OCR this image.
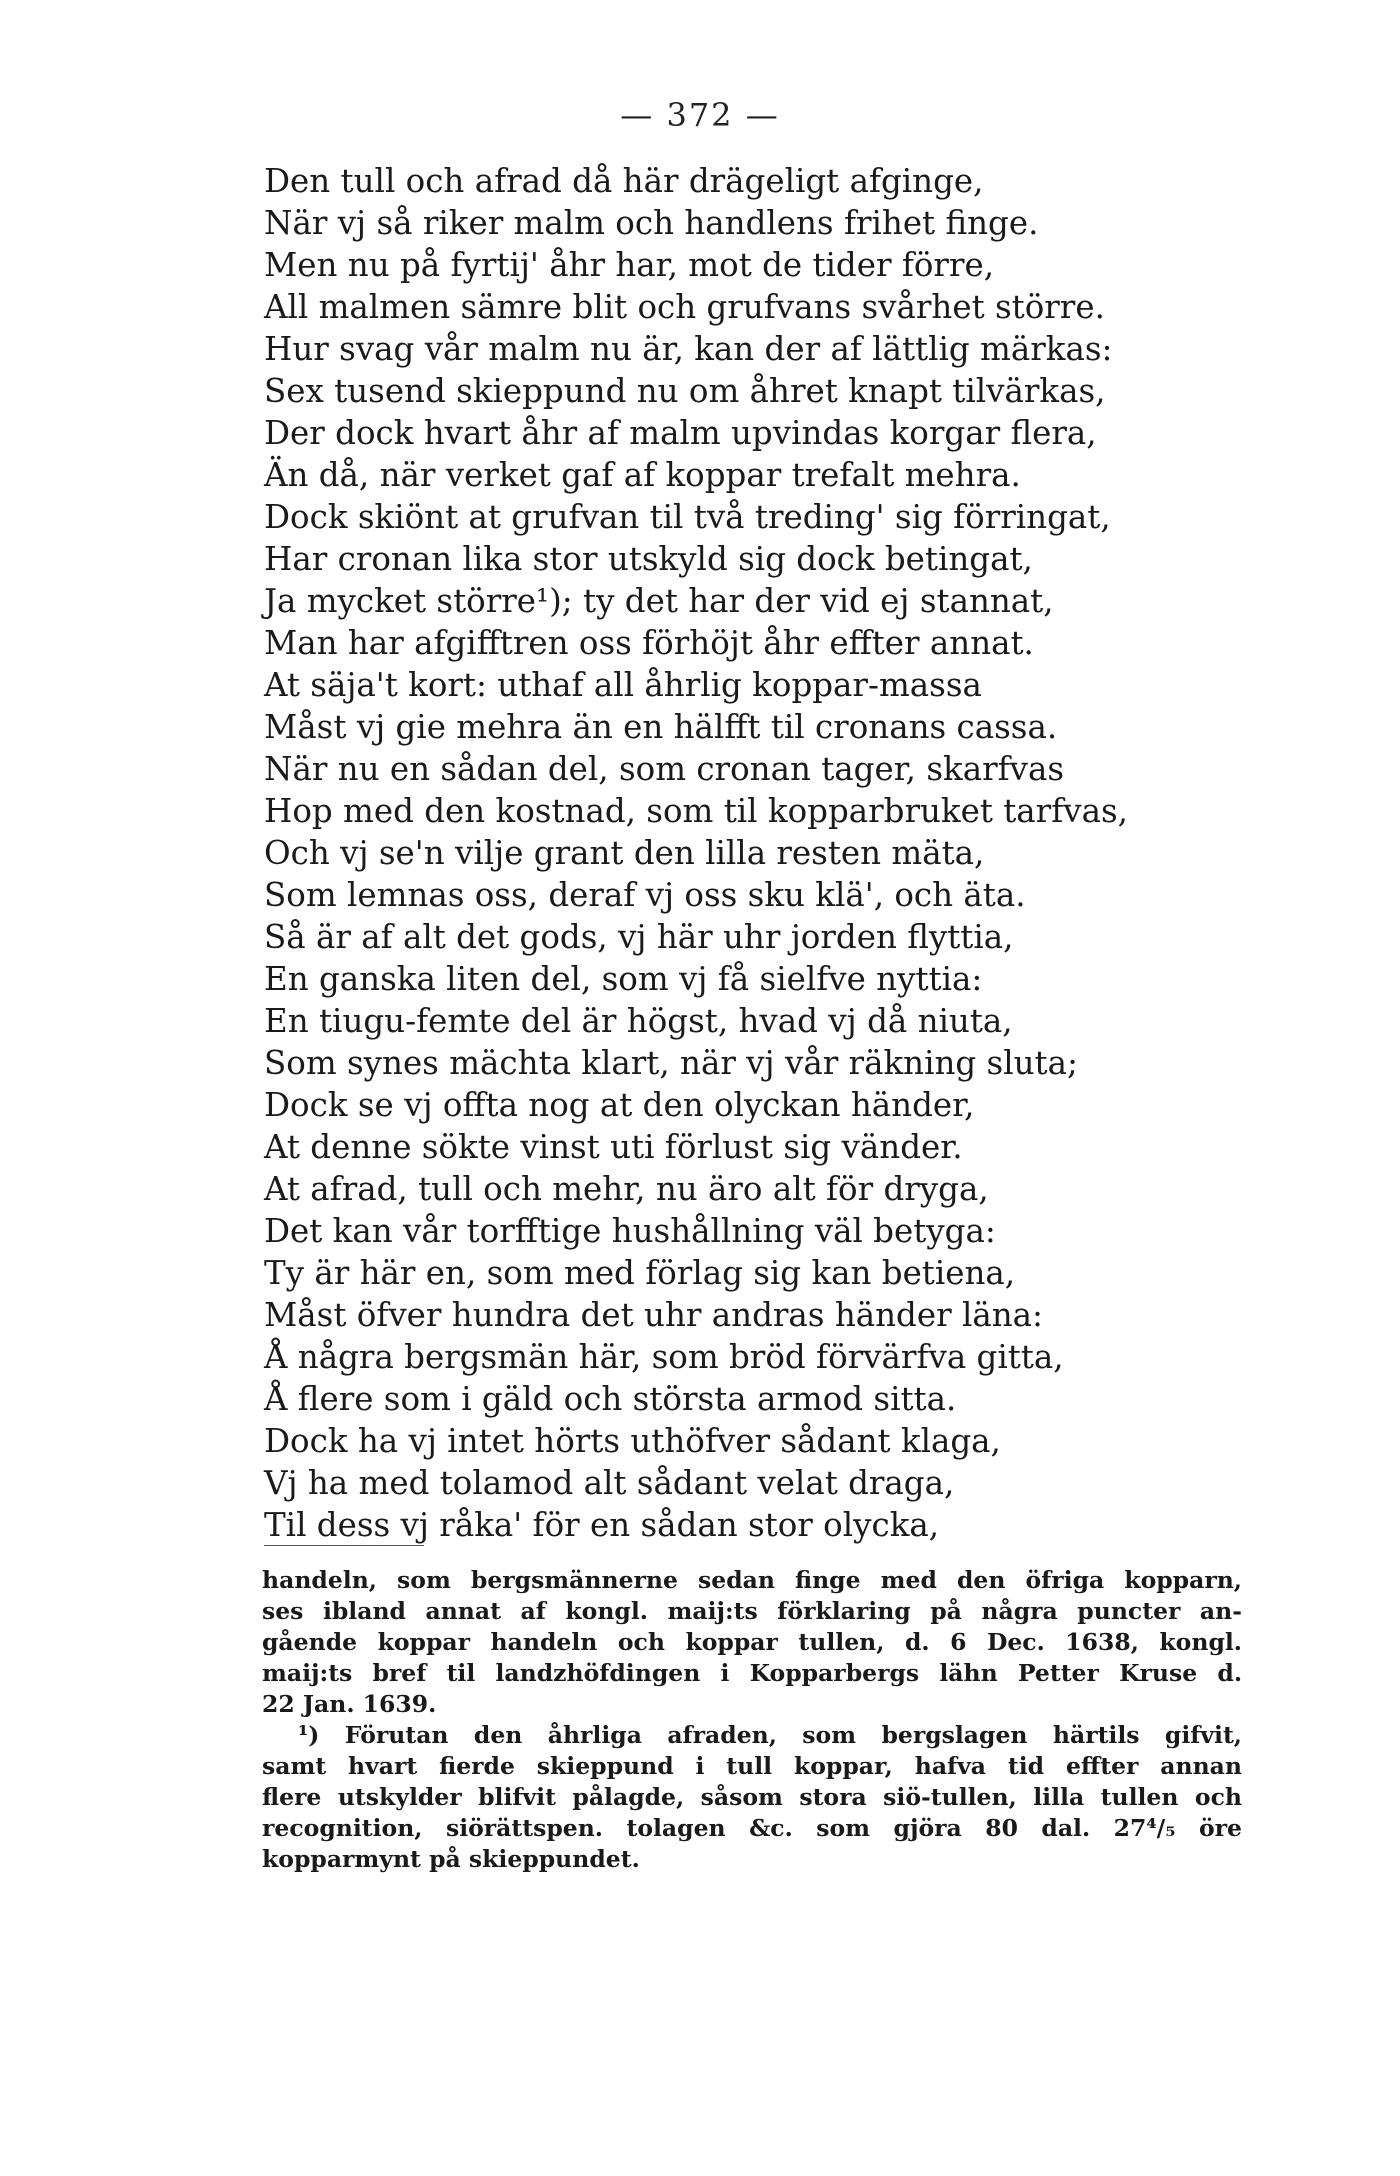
— 372 —
Den tull och afrad då här drägeligt afginge,
När vj så riker malm och handlens frihet finge.
Men nu på fyrtij' åhr har, mot de tider förre,
All malmen sämre blit och grufvans svårhet större.
Hur svag vår malm nu är, kan der af lättlig märkas:
Sex tusend skieppund nu om åhret knapt tilvärkas,
Der dock hvart åhr af malm upvindas korgar flera,
Än då, när verket gaf af koppar trefalt mehra.
Dock skiönt at grufvan til två treding' sig förringat,
Har cronan lika stor utskyld sig dock betingat,
Ja mycket större¹); ty det har der vid ej stannat,
Man har afgifftren oss förhöjt åhr effter annat.
At säja't kort: uthaf all åhrlig koppar-massa
Måst vj gie mehra än en hälfft til cronans cassa.
När nu en sådan del, som cronan tager, skarfvas
Hop med den kostnad, som til kopparbruket tarfvas,
Och vj se'n vilje grant den lilla resten mäta,
Som lemnas oss, deraf vj oss sku klä', och äta.
Så är af alt det gods, vj här uhr jorden flyttia,
En ganska liten del, som vj få sielfve nyttia:
En tiugu-femte del är högst, hvad vj då niuta,
Som synes mächta klart, när vj vår räkning sluta;
Dock se vj offta nog at den olyckan händer,
At denne sökte vinst uti förlust sig vänder.
At afrad, tull och mehr, nu äro alt för dryga,
Det kan vår torfftige hushållning väl betyga:
Ty är här en, som med förlag sig kan betiena,
Måst öfver hundra det uhr andras händer läna:
Å några bergsmän här, som bröd förvärfva gitta,
Å flere som i gäld och största armod sitta.
Dock ha vj intet hörts uthöfver sådant klaga,
Vj ha med tolamod alt sådant velat draga,
Til dess vj råka' för en sådan stor olycka,
handeln, som bergsmännerne sedan finge med den öfriga kopparn,
ses ibland annat af kongl. maij:ts förklaring på några puncter an-
gående koppar handeln och koppar tullen, d. 6 Dec. 1638, kongl.
maij:ts bref til landzhöfdingen i Kopparbergs lähn Petter Kruse d.
22 Jan. 1639.
¹) Förutan den åhrliga afraden, som bergslagen härtils gifvit,
samt hvart fierde skieppund i tull koppar, hafva tid effter annan
flere utskylder blifvit pålagde, såsom stora siö-tullen, lilla tullen och
recognition, siörättspen. tolagen &c. som gjöra 80 dal. 27⁴/₅ öre
kopparmynt på skieppundet.
